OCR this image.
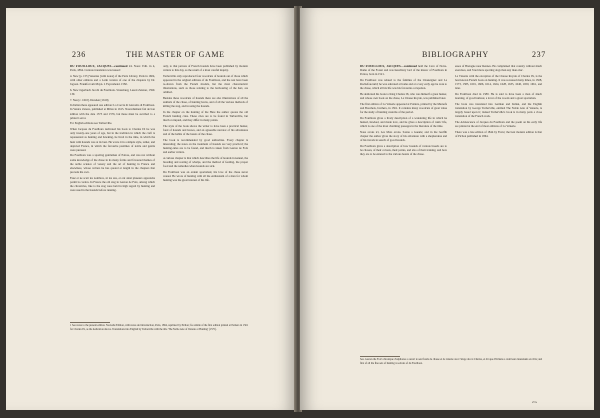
236	THE MASTER OF GAME

DU FOUILLOUX, JACQUES—continued 24. Nouv. Edit. in 4, Paris, 1864. Curious translation was issued:

4. New [p. 155] Veneries [with notes] of the Paris Library, Paris in 1604, with other editions and a Latin version of one of the chapters by Dr. Jagoux. Frankfort am Mayn. I. Feyerabend. 1582.

6. New Jagerbuch Jacobi du Fouilloux. Strassburg, Lazeri Zetzner, 1590. 130.

7. Neu [c. 1610]. Dresden [1610].

In Italian there appeared one edition: La Caccia di Giacomo di Fouilloux. In Venice Zenaro, published at Milan in 1615. Nouvellement fait de bon édition with the date 1575 and 1576, but these must be ascribed to a printer's error.

For English editions see Turberville.

When Jacques du Fouilloux dedicated his book to Charles IX he was only twenty-one years of age, but in the tradition in which the craft is represented as hunting and hawking, he lived in the time, in which the hunt with hounds was at its best. He wrote it in a simple style, rather, and depicted France, in which the favourite pastimes of noble and gentle were pursued.

Du Fouilloux was a sporting gentleman of Poitou, and was not without some knowledge of the chase in its many forms and favoured themes of the noble science of venery and the art of hunting in France and elsewhere, whose writers he has quoted at length in the chapters that precede his own.

Fauz et ne scait les nombres, ni les ans, et ont ainsi pluseurs apprendre parmi la cordon. In France the old stag in Gaston de Foix, among which the chronicles, like to the stag were held in high regard by hunting and were used in the hounds before running.

only, to that patrons of French hounds have been published by modern writers to this day, as the result of a most careful inquiry.

Turberville only reproduced four woodcuts of hounds out of those which appeared in the original editions of du Fouilloux, and the rest have been re-drawn from the French models, but the most characteristic illustrations, such as those relating to the harbouring of the hart, are omitted.

Besides these woodcuts of hounds there are also illustrations of all the animals of the chase, of hunting horns, and of all the various methods of killing the stag, and in using the hounds.

In the chapter on the hunting of the Hare the author quotes the old French hunting cries. These cries are to be found in Turberville, but much corrupted, and they differ in many points.

The style of the book shows the writer to have been a practical hunter, fond of hounds and horses, and an agreeable narrator of his adventures and of the habits of the beasts of the chase.

The book is recommended by good authorities. Every chapter is interesting; the notes on the treatment of hounds are very practical; the hunting-rules are to be found, and much is taken from Gaston de Foix and earlier writers.

A curious chapter is that which describes the life of hounds in kennel, the breeding and rearing of whelps, and the method of feeding, the proper food and the remedies when hounds are sick.

Du Fouilloux was an ardent sportsman; his love of the chase never waned. He wrote of hunting with all the enthusiasm of a man for whom hunting was the great interest of his life.

1 See notes to the present edition. Nouvelle Edition, with notes and introduction, Paris, 1864, reprinted by Pichon; fac-simile of the first edition printed at Poitiers in 1561 for Charles IX, as the dedication shows. Translations into English by Turberville with the title 'The Noble Arte of Venerie or Hunting' (1575).
BIBLIOGRAPHY	237

DU FOUILLOUX, JACQUES—continued held the Cave of Notre-Dame of the Forest and was hereditary lord of the manor of Fouilloux in Poitou, born in 1521.

Du Fouilloux was related to the families of the Chasteigner and La Rochefoucauld; he was educated at home and at a very early age he took to the chase, which all his life was his favourite occupation.

He dedicated his book to King Charles IX, who was himself a great hunter, and whose own book on the chase, La Chasse Royale, was published later.

The first edition of La Vénerie appeared at Poitiers, printed by the Marnefs and Bouchets, brothers, in 1561. It contains many woodcuts of great value for the study of hunting customs of the period.

Du Fouilloux gives a lively description of a wandering life in which he hunted, hawked, and made love, and he gives a description of rustic life, which is one of the most charming passages in the literature of the time.

Nous avons ici, Les Mots avons. Sonna a Gueule; and in the twelfth chapter the author gives the story of his adventure with a shepherdess and of his travels in search of good hounds.

Du Fouilloux gives a description of how hounds of various breeds are to be chosen, of their colours, their points, and also of their training, and how they are to be entered to the various beasts of the chase.

esses of Bretagne near Rennes. He complained that country without much exercises, and 'bred more sporting dogs than any man else'.

La Vénerie with the exception of the Chasse Royale of Charles IX, is the best known French book on hunting. It was re-issued many times, in 1568, 1573, 1585, 1601, 1606, 1614, 1624, 1628, 1635, 1640, 1650, 1661, and later.

Du Fouilloux died in 1580. He is said to have been a man of much learning, of good humour, a lover of the woods and a great sportsman.

The book was translated into German and Italian, and the English translation by George Turberville, entitled The Noble Arte of Venerie, is largely based upon it; indeed Turberville's book is in many parts a close translation of the French work.

The Adolescence of Jacques du Fouilloux and the poem on his early life are printed at the end of most editions of La Vénerie.

There was a late edition of 1844 by Favre; the best modern edition is that of Pichon published in 1864.

Sea. Gaston the Fox's chronique d'Alphonse a ouvert le seul fonds de chasse et de vènerie avec l'éloge du roi Charles, et dit que d'Orléans a cédé leurs lieutenants en ville; and first of all the fine sets of hunting woodcuts of du Fouilloux.
2 G
